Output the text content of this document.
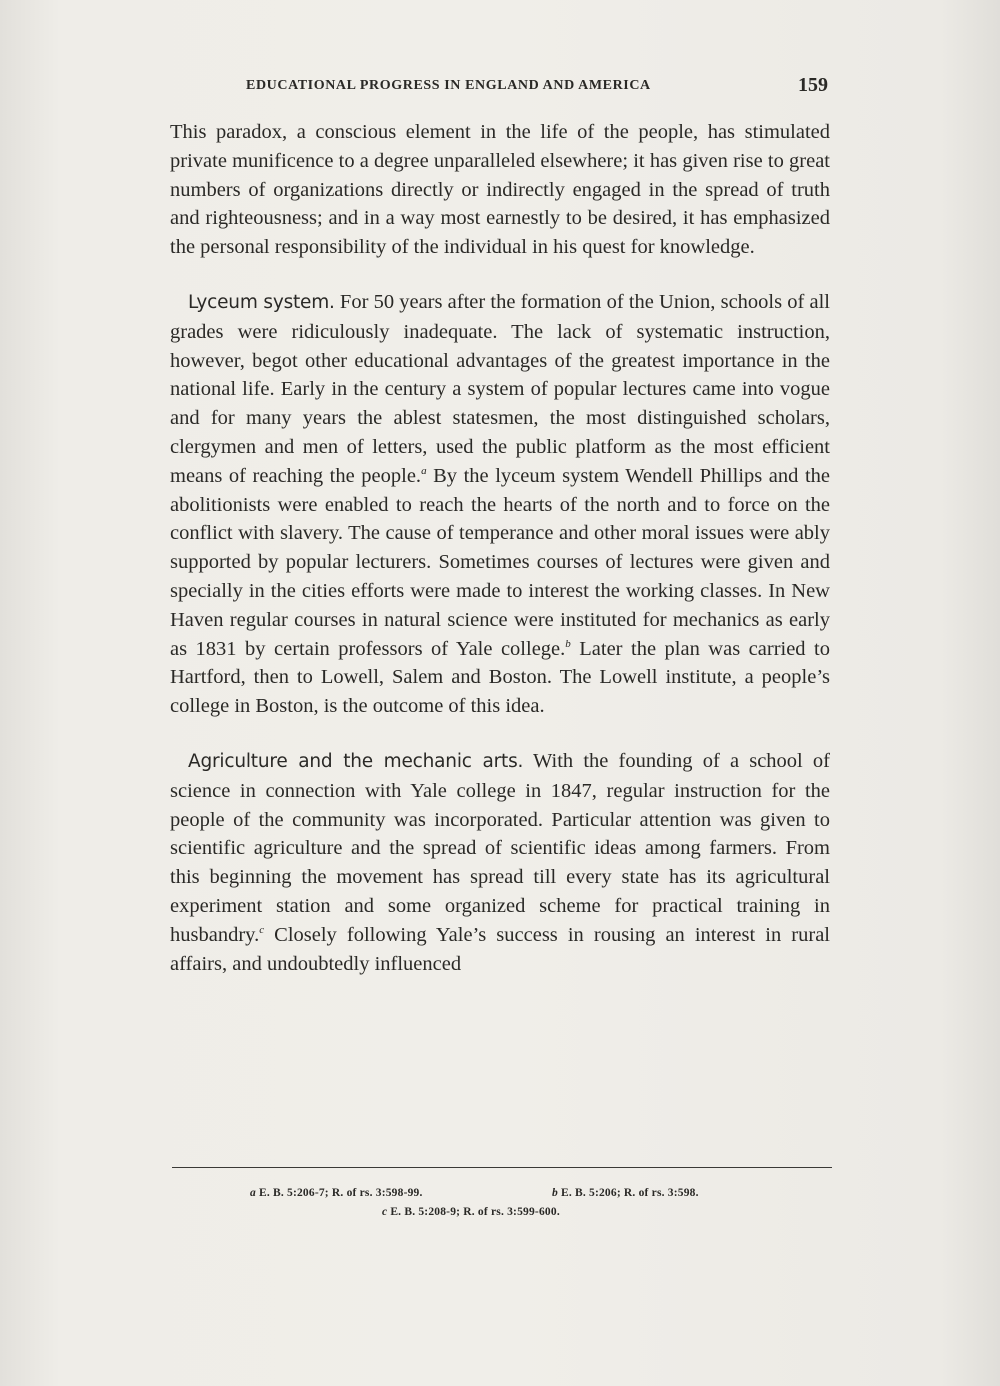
EDUCATIONAL PROGRESS IN ENGLAND AND AMERICA	159

This paradox, a conscious element in the life of the people, has stimulated private munificence to a degree unparalleled elsewhere; it has given rise to great numbers of organizations directly or indirectly engaged in the spread of truth and righteousness; and in a way most earnestly to be desired, it has emphasized the personal responsibility of the individual in his quest for knowledge.

Lyceum system. For 50 years after the formation of the Union, schools of all grades were ridiculously inadequate. The lack of systematic instruction, however, begot other educational advantages of the greatest importance in the national life. Early in the century a system of popular lectures came into vogue and for many years the ablest statesmen, the most distinguished scholars, clergymen and men of letters, used the public platform as the most efficient means of reaching the people.$^a$ By the lyceum system Wendell Phillips and the abolitionists were enabled to reach the hearts of the north and to force on the conflict with slavery. The cause of temperance and other moral issues were ably supported by popular lecturers. Sometimes courses of lectures were given and specially in the cities efforts were made to interest the working classes. In New Haven regular courses in natural science were instituted for mechanics as early as 1831 by certain professors of Yale college.$^b$ Later the plan was carried to Hartford, then to Lowell, Salem and Boston. The Lowell institute, a people’s college in Boston, is the outcome of this idea.

Agriculture and the mechanic arts. With the founding of a school of science in connection with Yale college in 1847, regular instruction for the people of the community was incorporated. Particular attention was given to scientific agriculture and the spread of scientific ideas among farmers. From this beginning the movement has spread till every state has its agricultural experiment station and some organized scheme for practical training in husbandry.$^c$ Closely following Yale’s success in rousing an interest in rural affairs, and undoubtedly influenced

a E. B. 5:206-7; R. of rs. 3:598-99.	b E. B. 5:206; R. of rs. 3:598.
c E. B. 5:208-9; R. of rs. 3:599-600.
